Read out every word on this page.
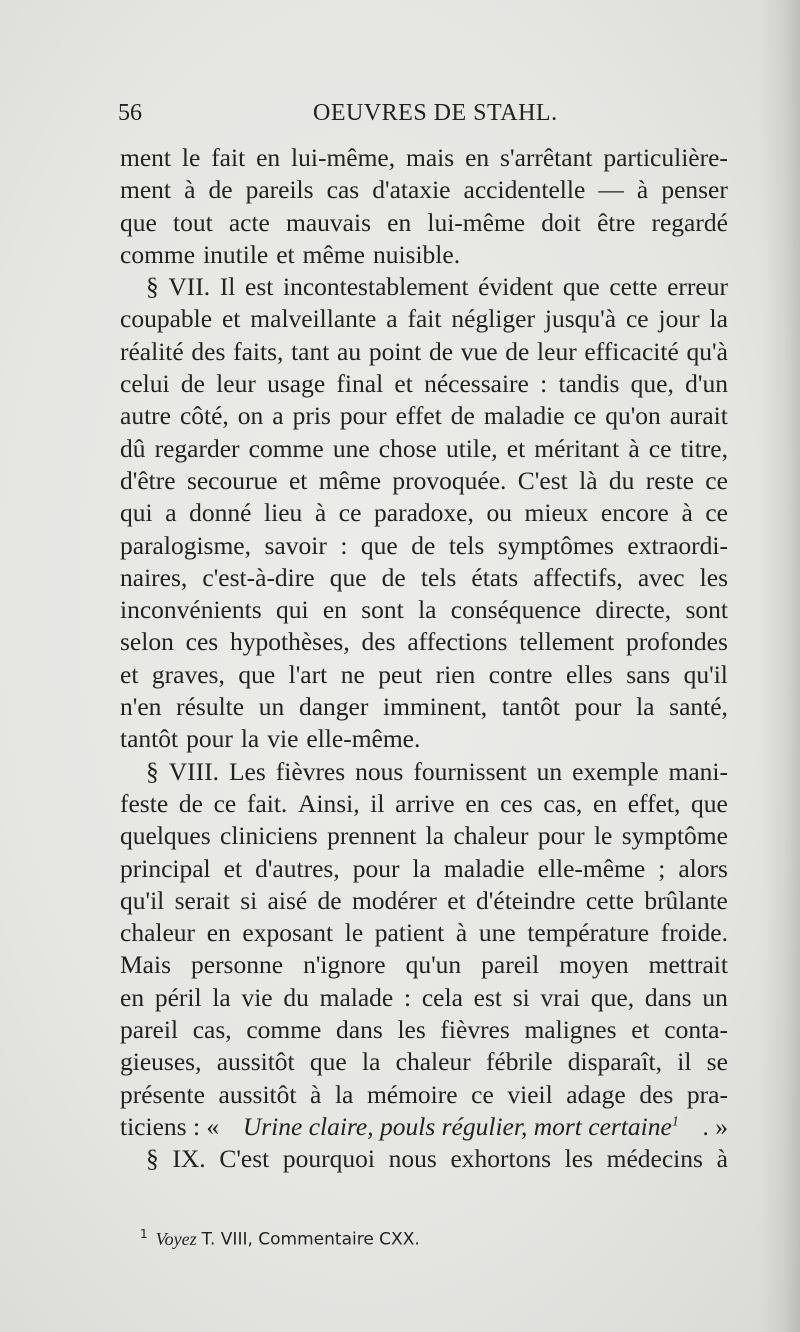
56	OEUVRES DE STAHL.
ment le fait en lui-même, mais en s'arrêtant particulière-
ment à de pareils cas d'ataxie accidentelle — à penser
que tout acte mauvais en lui-même doit être regardé
comme inutile et même nuisible.
§ VII. Il est incontestablement évident que cette erreur
coupable et malveillante a fait négliger jusqu'à ce jour la
réalité des faits, tant au point de vue de leur efficacité qu'à
celui de leur usage final et nécessaire : tandis que, d'un
autre côté, on a pris pour effet de maladie ce qu'on aurait
dû regarder comme une chose utile, et méritant à ce titre,
d'être secourue et même provoquée. C'est là du reste ce
qui a donné lieu à ce paradoxe, ou mieux encore à ce
paralogisme, savoir : que de tels symptômes extraordi-
naires, c'est-à-dire que de tels états affectifs, avec les
inconvénients qui en sont la conséquence directe, sont
selon ces hypothèses, des affections tellement profondes
et graves, que l'art ne peut rien contre elles sans qu'il
n'en résulte un danger imminent, tantôt pour la santé,
tantôt pour la vie elle-même.
§ VIII. Les fièvres nous fournissent un exemple mani-
feste de ce fait. Ainsi, il arrive en ces cas, en effet, que
quelques cliniciens prennent la chaleur pour le symptôme
principal et d'autres, pour la maladie elle-même ; alors
qu'il serait si aisé de modérer et d'éteindre cette brûlante
chaleur en exposant le patient à une température froide.
Mais personne n'ignore qu'un pareil moyen mettrait
en péril la vie du malade : cela est si vrai que, dans un
pareil cas, comme dans les fièvres malignes et conta-
gieuses, aussitôt que la chaleur fébrile disparaît, il se
présente aussitôt à la mémoire ce vieil adage des pra-
ticiens : « Urine claire, pouls régulier, mort certaine$^1$ . »
§ IX. C'est pourquoi nous exhortons les médecins à
$^1$ Voyez T. VIII, Commentaire CXX.
